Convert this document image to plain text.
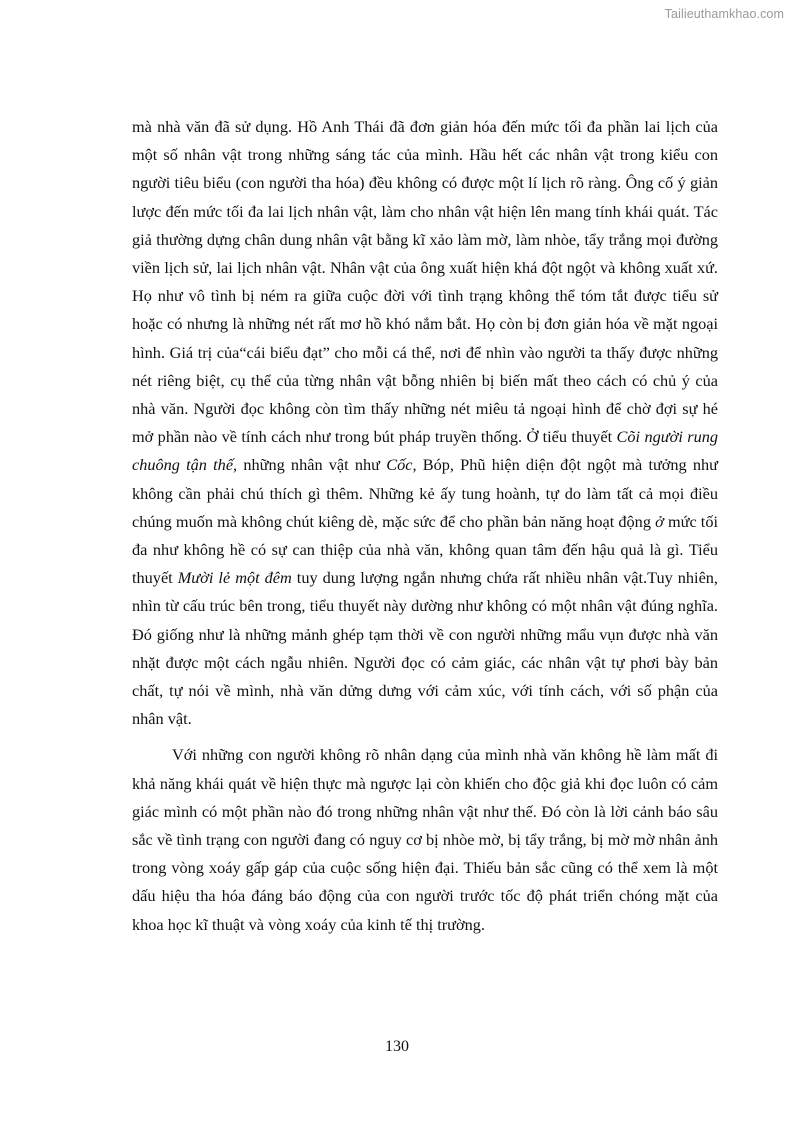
Tailieuthamkhao.com

mà nhà văn đã sử dụng. Hồ Anh Thái đã đơn giản hóa đến mức tối đa phần lai lịch của một số nhân vật trong những sáng tác của mình. Hầu hết các nhân vật trong kiểu con người tiêu biểu (con người tha hóa) đều không có được một lí lịch rõ ràng. Ông cố ý giản lược đến mức tối đa lai lịch nhân vật, làm cho nhân vật hiện lên mang tính khái quát. Tác giả thường dựng chân dung nhân vật bằng kĩ xảo làm mờ, làm nhòe, tẩy trắng mọi đường viền lịch sử, lai lịch nhân vật. Nhân vật của ông xuất hiện khá đột ngột và không xuất xứ. Họ như vô tình bị ném ra giữa cuộc đời với tình trạng không thể tóm tắt được tiểu sử hoặc có nhưng là những nét rất mơ hồ khó nắm bắt. Họ còn bị đơn giản hóa về mặt ngoại hình. Giá trị của“cái biểu đạt” cho mỗi cá thể, nơi để nhìn vào người ta thấy được những nét riêng biệt, cụ thể của từng nhân vật bỗng nhiên bị biến mất theo cách có chủ ý của nhà văn. Người đọc không còn tìm thấy những nét miêu tả ngoại hình để chờ đợi sự hé mở phần nào về tính cách như trong bút pháp truyền thống. Ở tiểu thuyết Cõi người rung chuông tận thế, những nhân vật như Cốc, Bóp, Phũ hiện diện đột ngột mà tưởng như không cần phải chú thích gì thêm. Những kẻ ấy tung hoành, tự do làm tất cả mọi điều chúng muốn mà không chút kiêng dè, mặc sức để cho phần bản năng hoạt động ở mức tối đa như không hề có sự can thiệp của nhà văn, không quan tâm đến hậu quả là gì. Tiểu thuyết Mười lẻ một đêm tuy dung lượng ngắn nhưng chứa rất nhiều nhân vật.Tuy nhiên, nhìn từ cấu trúc bên trong, tiểu thuyết này dường như không có một nhân vật đúng nghĩa. Đó giống như là những mảnh ghép tạm thời về con người những mẩu vụn được nhà văn nhặt được một cách ngẫu nhiên. Người đọc có cảm giác, các nhân vật tự phơi bày bản chất, tự nói về mình, nhà văn dửng dưng với cảm xúc, với tính cách, với số phận của nhân vật.

Với những con người không rõ nhân dạng của mình nhà văn không hề làm mất đi khả năng khái quát về hiện thực mà ngược lại còn khiến cho độc giả khi đọc luôn có cảm giác mình có một phần nào đó trong những nhân vật như thế. Đó còn là lời cảnh báo sâu sắc về tình trạng con người đang có nguy cơ bị nhòe mờ, bị tẩy trắng, bị mờ mờ nhân ảnh trong vòng xoáy gấp gáp của cuộc sống hiện đại. Thiếu bản sắc cũng có thể xem là một dấu hiệu tha hóa đáng báo động của con người trước tốc độ phát triển chóng mặt của khoa học kĩ thuật và vòng xoáy của kinh tế thị trường.

130
